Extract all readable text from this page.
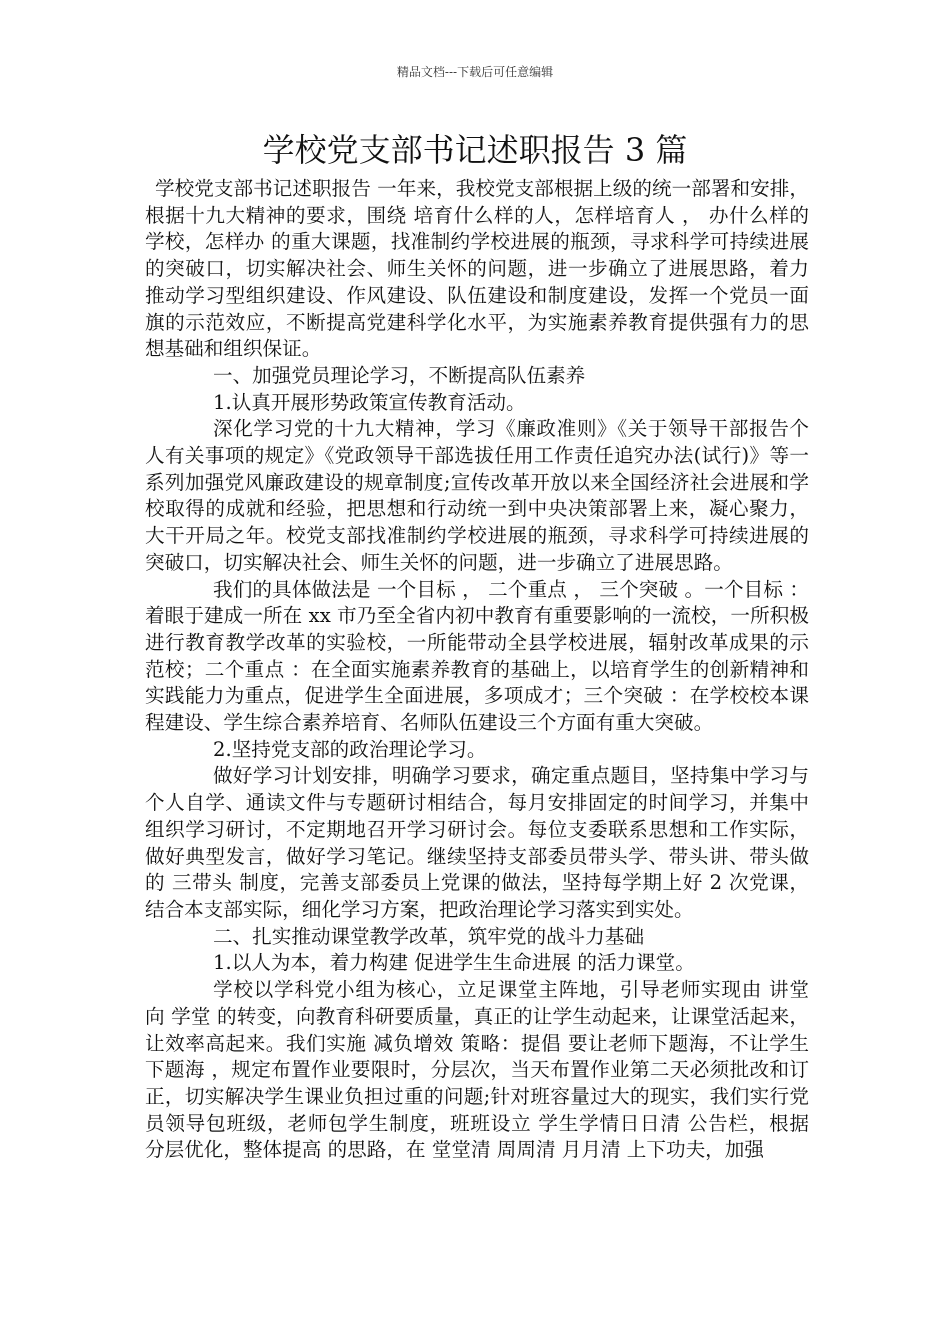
精品文档---下载后可任意编辑
学校党支部书记述职报告 3 篇

学校党支部书记述职报告 一年来，我校党支部根据上级的统一部署和安排，根据十九大精神的要求，围绕 培育什么样的人，怎样培育人 ， 办什么样的学校，怎样办 的重大课题，找准制约学校进展的瓶颈，寻求科学可持续进展的突破口，切实解决社会、师生关怀的问题，进一步确立了进展思路，着力推动学习型组织建设、作风建设、队伍建设和制度建设，发挥一个党员一面旗的示范效应，不断提高党建科学化水平，为实施素养教育提供强有力的思想基础和组织保证。

一、加强党员理论学习，不断提高队伍素养

1.认真开展形势政策宣传教育活动。

深化学习党的十九大精神，学习《廉政准则》《关于领导干部报告个人有关事项的规定》《党政领导干部选拔任用工作责任追究办法(试行)》等一系列加强党风廉政建设的规章制度;宣传改革开放以来全国经济社会进展和学校取得的成就和经验，把思想和行动统一到中央决策部署上来，凝心聚力，大干开局之年。校党支部找准制约学校进展的瓶颈，寻求科学可持续进展的突破口，切实解决社会、师生关怀的问题，进一步确立了进展思路。

我们的具体做法是 一个目标 ， 二个重点 ， 三个突破 。一个目标 ：着眼于建成一所在 xx 市乃至全省内初中教育有重要影响的一流校，一所积极进行教育教学改革的实验校，一所能带动全县学校进展，辐射改革成果的示范校；二个重点 ：在全面实施素养教育的基础上，以培育学生的创新精神和实践能力为重点，促进学生全面进展，多项成才；三个突破 ：在学校校本课程建设、学生综合素养培育、名师队伍建设三个方面有重大突破。

2.坚持党支部的政治理论学习。

做好学习计划安排，明确学习要求，确定重点题目，坚持集中学习与个人自学、通读文件与专题研讨相结合，每月安排固定的时间学习，并集中组织学习研讨，不定期地召开学习研讨会。每位支委联系思想和工作实际，做好典型发言，做好学习笔记。继续坚持支部委员带头学、带头讲、带头做的 三带头 制度，完善支部委员上党课的做法，坚持每学期上好 2 次党课，结合本支部实际，细化学习方案，把政治理论学习落实到实处。

二、扎实推动课堂教学改革，筑牢党的战斗力基础

1.以人为本，着力构建 促进学生生命进展 的活力课堂。

学校以学科党小组为核心，立足课堂主阵地，引导老师实现由 讲堂 向 学堂 的转变，向教育科研要质量，真正的让学生动起来，让课堂活起来，让效率高起来。我们实施 减负增效 策略：提倡 要让老师下题海，不让学生下题海 ，规定布置作业要限时，分层次，当天布置作业第二天必须批改和订正，切实解决学生课业负担过重的问题;针对班容量过大的现实，我们实行党员领导包班级，老师包学生制度，班班设立 学生学情日日清 公告栏，根据 分层优化，整体提高 的思路，在 堂堂清 周周清 月月清 上下功夫，加强
